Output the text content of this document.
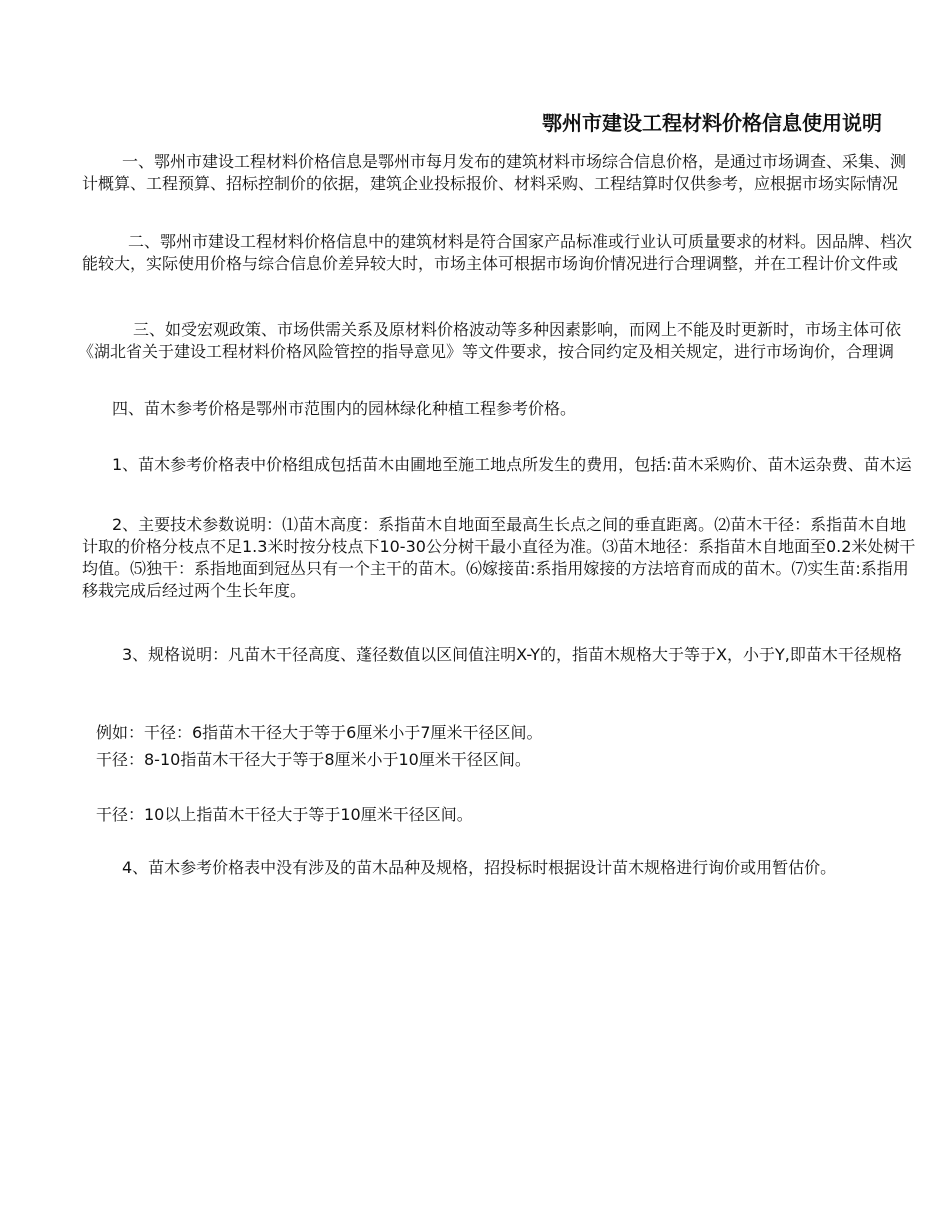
鄂州市建设工程材料价格信息使用说明
一、鄂州市建设工程材料价格信息是鄂州市每月发布的建筑材料市场综合信息价格，是通过市场调查、采集、测
计概算、工程预算、招标控制价的依据，建筑企业投标报价、材料采购、工程结算时仅供参考，应根据市场实际情况
二、鄂州市建设工程材料价格信息中的建筑材料是符合国家产品标准或行业认可质量要求的材料。因品牌、档次
能较大，实际使用价格与综合信息价差异较大时，市场主体可根据市场询价情况进行合理调整，并在工程计价文件或
三、如受宏观政策、市场供需关系及原材料价格波动等多种因素影响，而网上不能及时更新时，市场主体可依
《湖北省关于建设工程材料价格风险管控的指导意见》等文件要求，按合同约定及相关规定，进行市场询价，合理调
四、苗木参考价格是鄂州市范围内的园林绿化种植工程参考价格。
1、苗木参考价格表中价格组成包括苗木由圃地至施工地点所发生的费用，包括:苗木采购价、苗木运杂费、苗木运
2、主要技术参数说明：⑴苗木高度：系指苗木自地面至最高生长点之间的垂直距离。⑵苗木干径：系指苗木自地
计取的价格分枝点不足1.3米时按分枝点下10-30公分树干最小直径为准。⑶苗木地径：系指苗木自地面至0.2米处树干
均值。⑸独干：系指地面到冠丛只有一个主干的苗木。⑹嫁接苗:系指用嫁接的方法培育而成的苗木。⑺实生苗:系指用
移栽完成后经过两个生长年度。
3、规格说明：凡苗木干径高度、蓬径数值以区间值注明X-Y的，指苗木规格大于等于X，小于Y,即苗木干径规格
例如：干径：6指苗木干径大于等于6厘米小于7厘米干径区间。
干径：8-10指苗木干径大于等于8厘米小于10厘米干径区间。
干径：10以上指苗木干径大于等于10厘米干径区间。
4、苗木参考价格表中没有涉及的苗木品种及规格，招投标时根据设计苗木规格进行询价或用暂估价。
